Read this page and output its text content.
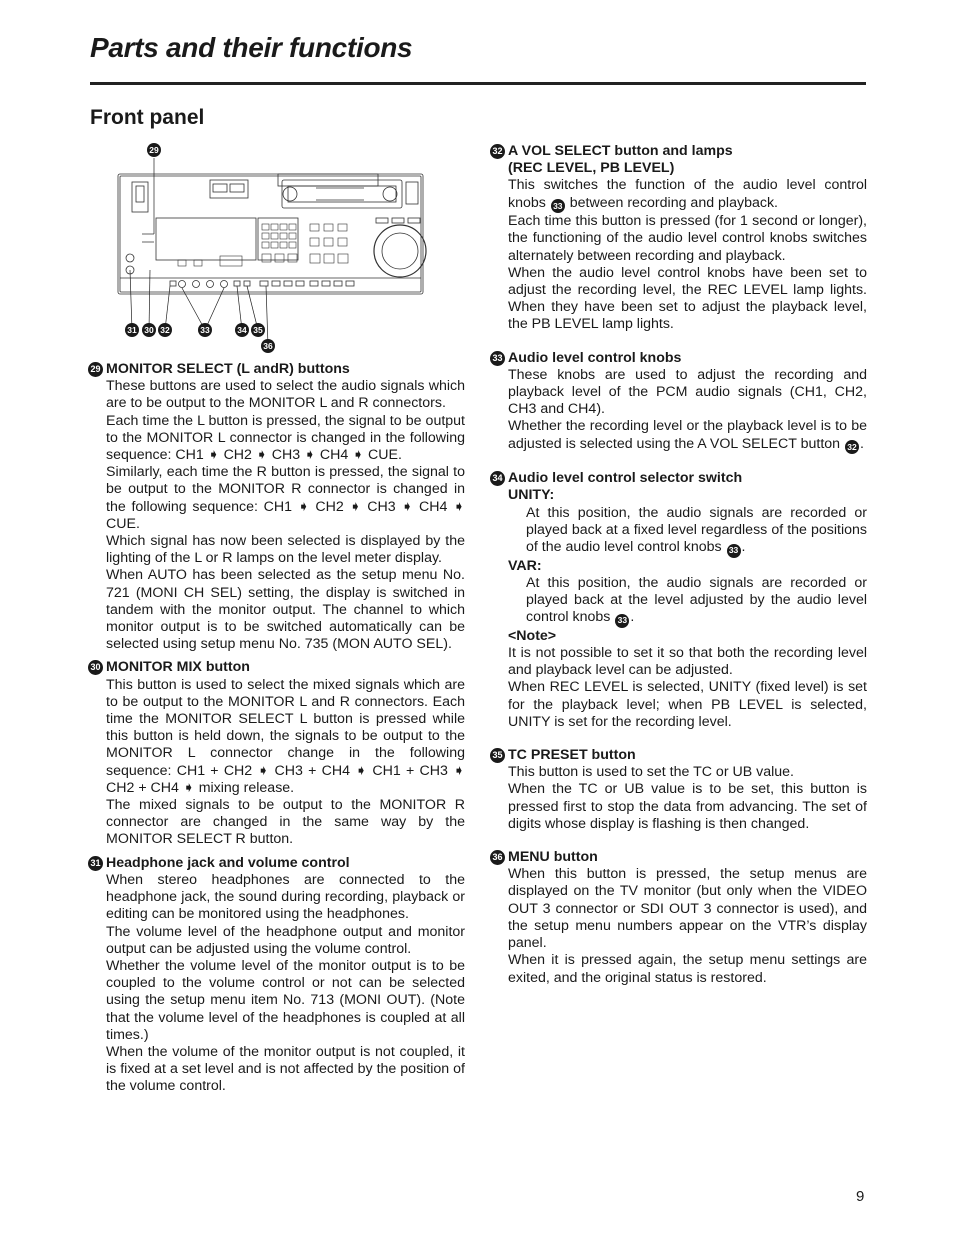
Parts and their functions
Front panel
29
31 30 32	33	34 35
36
29 MONITOR SELECT (L andR) buttons

These buttons are used to select the audio signals which are to be output to the MONITOR L and R connectors.

Each time the L button is pressed, the signal to be output to the MONITOR L connector is changed in the following sequence: CH1 ➧ CH2 ➧ CH3 ➧ CH4 ➧ CUE.

Similarly, each time the R button is pressed, the signal to be output to the MONITOR R connector is changed in the following sequence: CH1 ➧ CH2 ➧ CH3 ➧ CH4 ➧ CUE.

Which signal has now been selected is displayed by the lighting of the L or R lamps on the level meter display.

When AUTO has been selected as the setup menu No. 721 (MONI CH SEL) setting, the display is switched in tandem with the monitor output. The channel to which monitor output is to be switched automatically can be selected using setup menu No. 735 (MON AUTO SEL).

30 MONITOR MIX button

This button is used to select the mixed signals which are to be output to the MONITOR L and R connectors. Each time the MONITOR SELECT L button is pressed while this button is held down, the signals to be output to the MONITOR L connector change in the following sequence: CH1 + CH2 ➧ CH3 + CH4 ➧ CH1 + CH3 ➧ CH2 + CH4 ➧ mixing release.

The mixed signals to be output to the MONITOR R connector are changed in the same way by the MONITOR SELECT R button.

31 Headphone jack and volume control

When stereo headphones are connected to the headphone jack, the sound during recording, playback or editing can be monitored using the headphones.

The volume level of the headphone output and monitor output can be adjusted using the volume control.

Whether the volume level of the monitor output is to be coupled to the volume control or not can be selected using the setup menu item No. 713 (MONI OUT). (Note that the volume level of the headphones is coupled at all times.)

When the volume of the monitor output is not coupled, it is fixed at a set level and is not affected by the position of the volume control.

32 A VOL SELECT button and lamps
(REC LEVEL, PB LEVEL)

This switches the function of the audio level control knobs 33 between recording and playback.

Each time this button is pressed (for 1 second or longer), the functioning of the audio level control knobs switches alternately between recording and playback.

When the audio level control knobs have been set to adjust the recording level, the REC LEVEL lamp lights. When they have been set to adjust the playback level, the PB LEVEL lamp lights.

33 Audio level control knobs

These knobs are used to adjust the recording and playback level of the PCM audio signals (CH1, CH2, CH3 and CH4).

Whether the recording level or the playback level is to be adjusted is selected using the A VOL SELECT button 32 .

34 Audio level control selector switch

UNITY:

At this position, the audio signals are recorded or played back at a fixed level regardless of the positions of the audio level control knobs 33 .

VAR:

At this position, the audio signals are recorded or played back at the level adjusted by the audio level control knobs 33 .

<Note>

It is not possible to set it so that both the recording level and playback level can be adjusted.

When REC LEVEL is selected, UNITY (fixed level) is set for the playback level; when PB LEVEL is selected, UNITY is set for the recording level.

35 TC PRESET button

This button is used to set the TC or UB value.

When the TC or UB value is to be set, this button is pressed first to stop the data from advancing. The set of digits whose display is flashing is then changed.

36 MENU button

When this button is pressed, the setup menus are displayed on the TV monitor (but only when the VIDEO OUT 3 connector or SDI OUT 3 connector is used), and the setup menu numbers appear on the VTR’s display panel.

When it is pressed again, the setup menu settings are exited, and the original status is restored.

9
